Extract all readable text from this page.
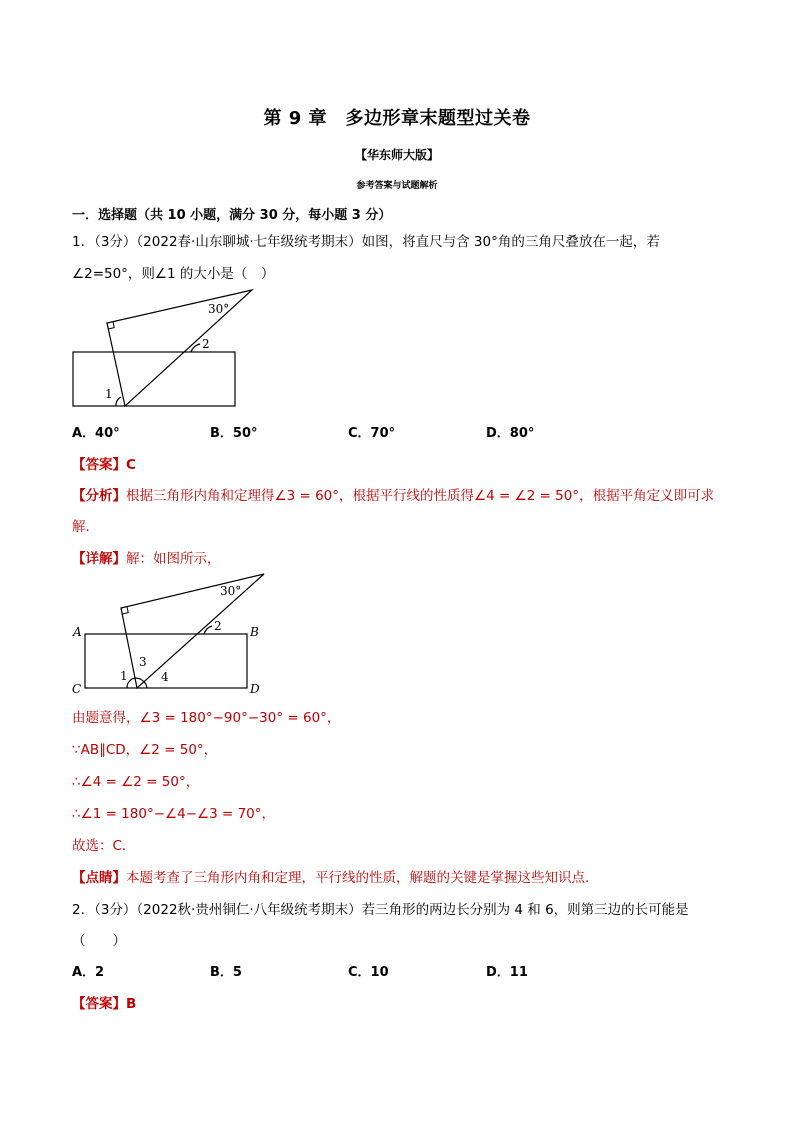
第 9 章　多边形章末题型过关卷
【华东师大版】
参考答案与试题解析
一．选择题（共 10 小题，满分 30 分，每小题 3 分）
1．（3分）（2022春·山东聊城·七年级统考期末）如图，将直尺与含 30°角的三角尺叠放在一起，若
∠2=50°，则∠1 的大小是（　）
30°
2
1
A．40°	B．50°	C．70°	D．80°
【答案】C
【分析】根据三角形内角和定理得∠3 = 60°，根据平行线的性质得∠4 = ∠2 = 50°，根据平角定义即可求
解．
【详解】解：如图所示，
30°
2
1
3
4
A	B
C	D
由题意得，∠3 = 180°−90°−30° = 60°，
∵AB∥CD，∠2 = 50°，
∴∠4 = ∠2 = 50°，
∴∠1 = 180°−∠4−∠3 = 70°，
故选：C．
【点睛】本题考查了三角形内角和定理，平行线的性质，解题的关键是掌握这些知识点．
2．（3分）（2022秋·贵州铜仁·八年级统考期末）若三角形的两边长分别为 4 和 6，则第三边的长可能是
（　　）
A．2	B．5	C．10	D．11
【答案】B
